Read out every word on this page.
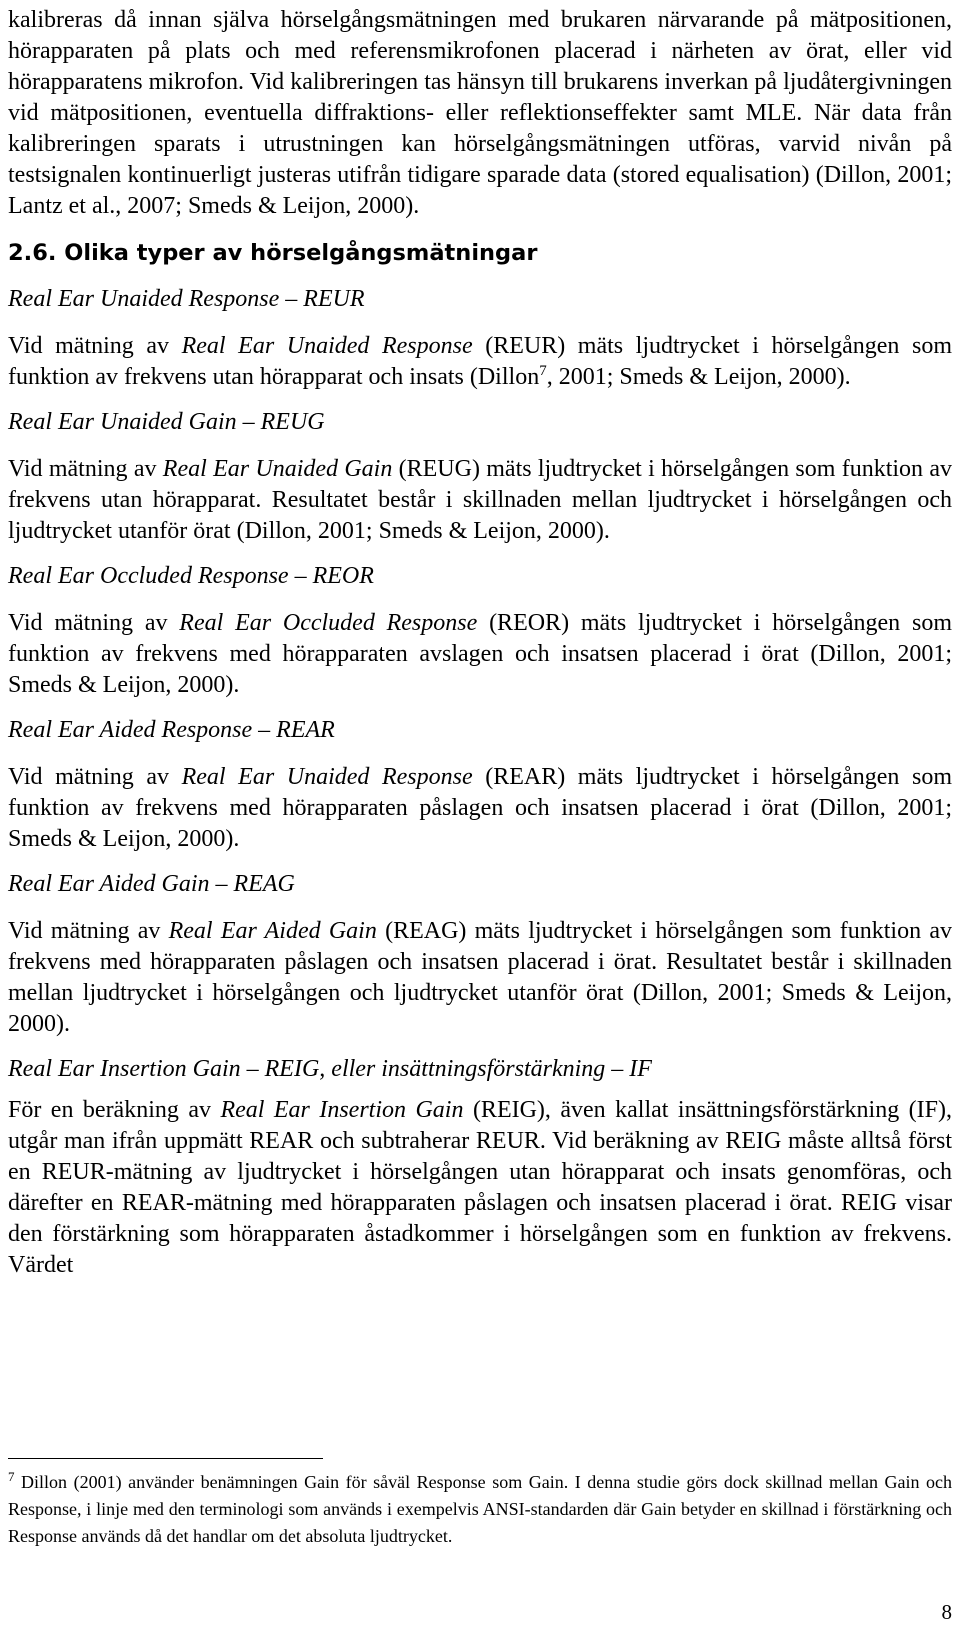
kalibreras då innan själva hörselgångsmätningen med brukaren närvarande på mätpositionen, hörapparaten på plats och med referensmikrofonen placerad i närheten av örat, eller vid hörapparatens mikrofon. Vid kalibreringen tas hänsyn till brukarens inverkan på ljudåtergivningen vid mätpositionen, eventuella diffraktions- eller reflektionseffekter samt MLE. När data från kalibreringen sparats i utrustningen kan hörselgångsmätningen utföras, varvid nivån på testsignalen kontinuerligt justeras utifrån tidigare sparade data (stored equalisation) (Dillon, 2001; Lantz et al., 2007; Smeds & Leijon, 2000).

2.6. Olika typer av hörselgångsmätningar

Real Ear Unaided Response – REUR

Vid mätning av Real Ear Unaided Response (REUR) mäts ljudtrycket i hörselgången som funktion av frekvens utan hörapparat och insats (Dillon$^7$, 2001; Smeds & Leijon, 2000).

Real Ear Unaided Gain – REUG

Vid mätning av Real Ear Unaided Gain (REUG) mäts ljudtrycket i hörselgången som funktion av frekvens utan hörapparat. Resultatet består i skillnaden mellan ljudtrycket i hörselgången och ljudtrycket utanför örat (Dillon, 2001; Smeds & Leijon, 2000).

Real Ear Occluded Response – REOR

Vid mätning av Real Ear Occluded Response (REOR) mäts ljudtrycket i hörselgången som funktion av frekvens med hörapparaten avslagen och insatsen placerad i örat (Dillon, 2001; Smeds & Leijon, 2000).

Real Ear Aided Response – REAR

Vid mätning av Real Ear Unaided Response (REAR) mäts ljudtrycket i hörselgången som funktion av frekvens med hörapparaten påslagen och insatsen placerad i örat (Dillon, 2001; Smeds & Leijon, 2000).

Real Ear Aided Gain – REAG

Vid mätning av Real Ear Aided Gain (REAG) mäts ljudtrycket i hörselgången som funktion av frekvens med hörapparaten påslagen och insatsen placerad i örat. Resultatet består i skillnaden mellan ljudtrycket i hörselgången och ljudtrycket utanför örat (Dillon, 2001; Smeds & Leijon, 2000).

Real Ear Insertion Gain – REIG, eller insättningsförstärkning – IF

För en beräkning av Real Ear Insertion Gain (REIG), även kallat insättningsförstärkning (IF), utgår man ifrån uppmätt REAR och subtraherar REUR. Vid beräkning av REIG måste alltså först en REUR-mätning av ljudtrycket i hörselgången utan hörapparat och insats genomföras, och därefter en REAR-mätning med hörapparaten påslagen och insatsen placerad i örat. REIG visar den förstärkning som hörapparaten åstadkommer i hörselgången som en funktion av frekvens. Värdet

$^7$ Dillon (2001) använder benämningen Gain för såväl Response som Gain. I denna studie görs dock skillnad mellan Gain och Response, i linje med den terminologi som används i exempelvis ANSI-standarden där Gain betyder en skillnad i förstärkning och Response används då det handlar om det absoluta ljudtrycket.
8
